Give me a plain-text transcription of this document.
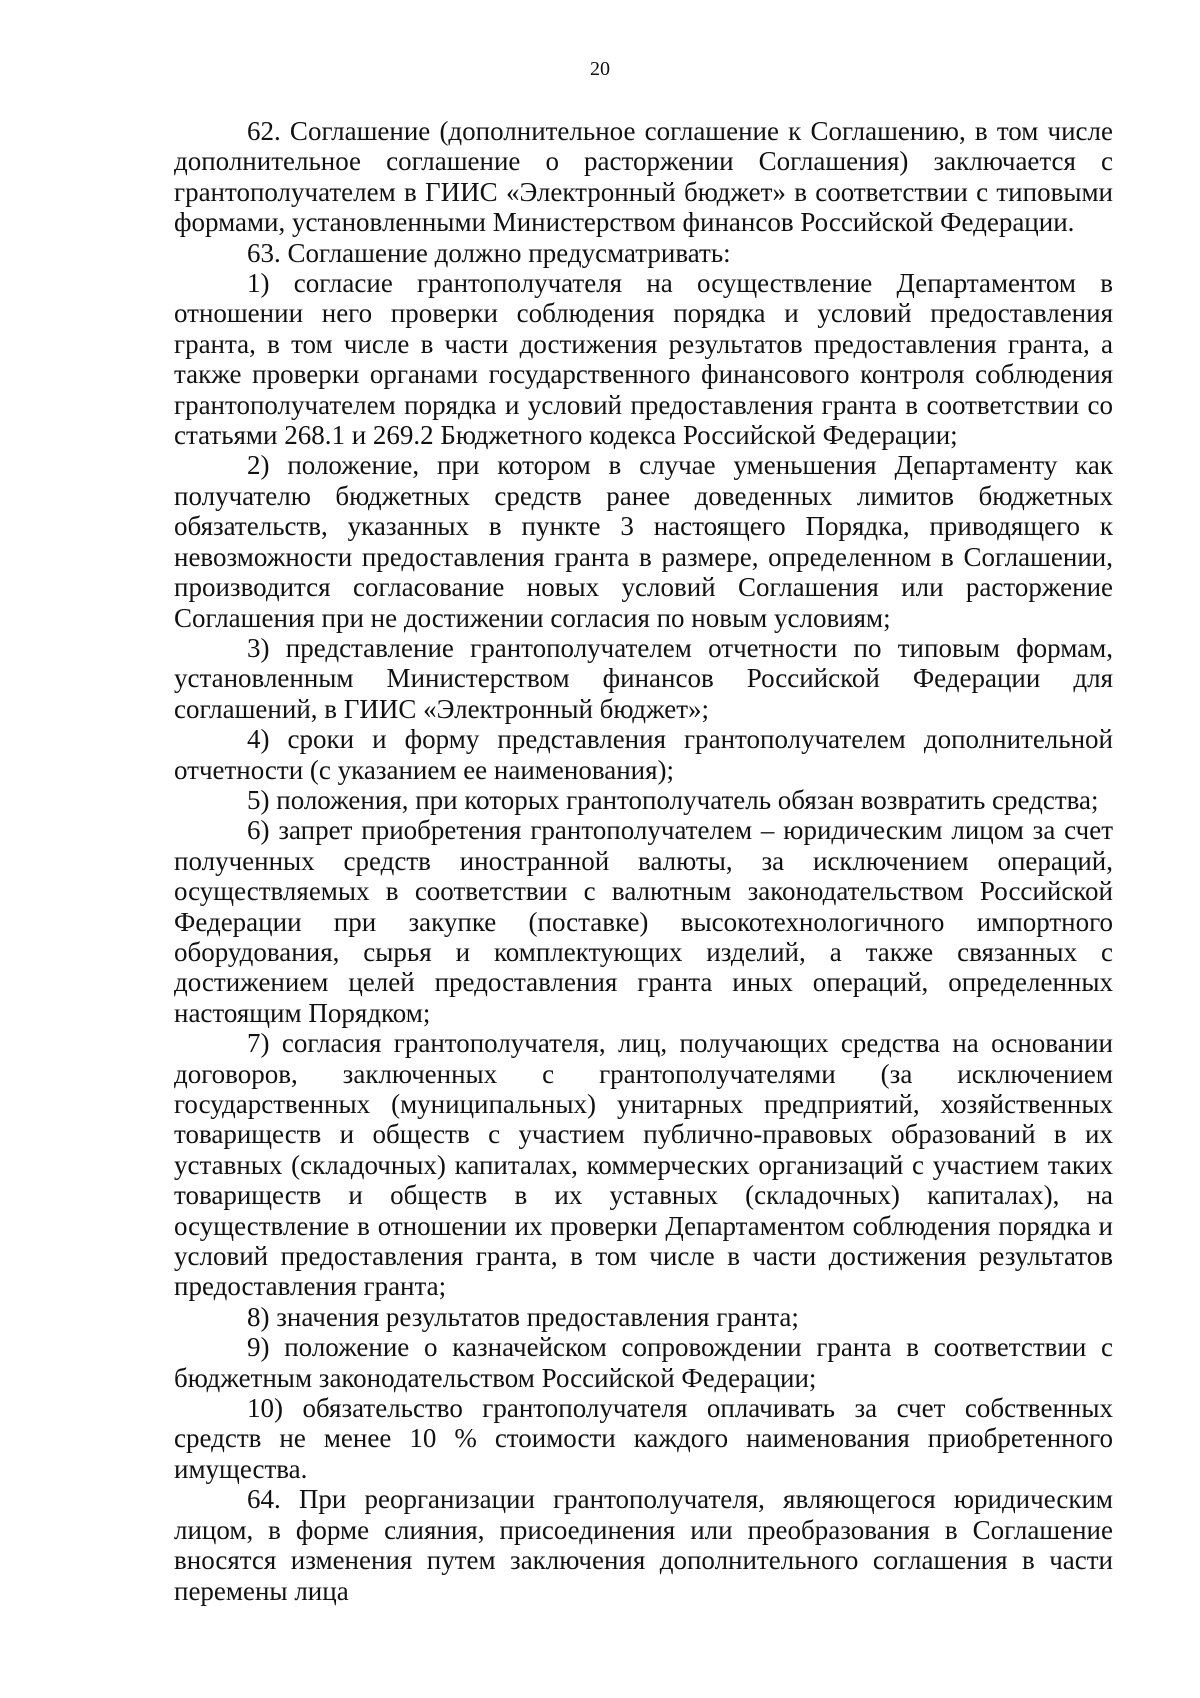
20

62. Соглашение (дополнительное соглашение к Соглашению, в том числе дополнительное соглашение о расторжении Соглашения) заключается с грантополучателем в ГИИС «Электронный бюджет» в соответствии с типовыми формами, установленными Министерством финансов Российской Федерации.

63. Соглашение должно предусматривать:

1) согласие грантополучателя на осуществление Департаментом в отношении него проверки соблюдения порядка и условий предоставления гранта, в том числе в части достижения результатов предоставления гранта, а также проверки органами государственного финансового контроля соблюдения грантополучателем порядка и условий предоставления гранта в соответствии со статьями 268.1 и 269.2 Бюджетного кодекса Российской Федерации;

2) положение, при котором в случае уменьшения Департаменту как получателю бюджетных средств ранее доведенных лимитов бюджетных обязательств, указанных в пункте 3 настоящего Порядка, приводящего к невозможности предоставления гранта в размере, определенном в Соглашении, производится согласование новых условий Соглашения или расторжение Соглашения при не достижении согласия по новым условиям;

3) представление грантополучателем отчетности по типовым формам, установленным Министерством финансов Российской Федерации для соглашений, в ГИИС «Электронный бюджет»;

4) сроки и форму представления грантополучателем дополнительной отчетности (с указанием ее наименования);

5) положения, при которых грантополучатель обязан возвратить средства;

6) запрет приобретения грантополучателем – юридическим лицом за счет полученных средств иностранной валюты, за исключением операций, осуществляемых в соответствии с валютным законодательством Российской Федерации при закупке (поставке) высокотехнологичного импортного оборудования, сырья и комплектующих изделий, а также связанных с достижением целей предоставления гранта иных операций, определенных настоящим Порядком;

7) согласия грантополучателя, лиц, получающих средства на основании договоров, заключенных с грантополучателями (за исключением государственных (муниципальных) унитарных предприятий, хозяйственных товариществ и обществ с участием публично-правовых образований в их уставных (складочных) капиталах, коммерческих организаций с участием таких товариществ и обществ в их уставных (складочных) капиталах), на осуществление в отношении их проверки Департаментом соблюдения порядка и условий предоставления гранта, в том числе в части достижения результатов предоставления гранта;

8) значения результатов предоставления гранта;

9) положение о казначейском сопровождении гранта в соответствии с бюджетным законодательством Российской Федерации;

10) обязательство грантополучателя оплачивать за счет собственных средств не менее 10 % стоимости каждого наименования приобретенного имущества.

64. При реорганизации грантополучателя, являющегося юридическим лицом, в форме слияния, присоединения или преобразования в Соглашение вносятся изменения путем заключения дополнительного соглашения в части перемены лица
